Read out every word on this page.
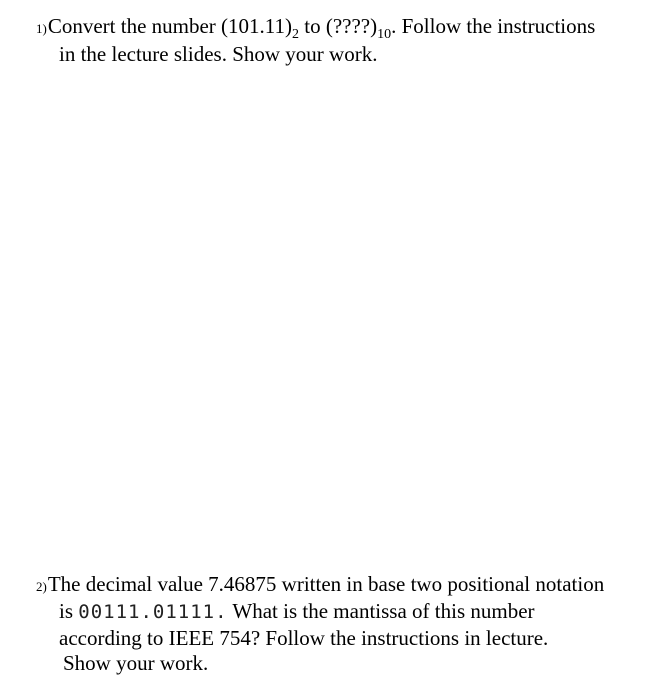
1)Convert the number $(101.11)_2$ to $(????)_{10}$. Follow the instructions
in the lecture slides. Show your work.
2)The decimal value 7.46875 written in base two positional notation
is 00111.01111. What is the mantissa of this number
according to IEEE 754? Follow the instructions in lecture.
Show your work.
